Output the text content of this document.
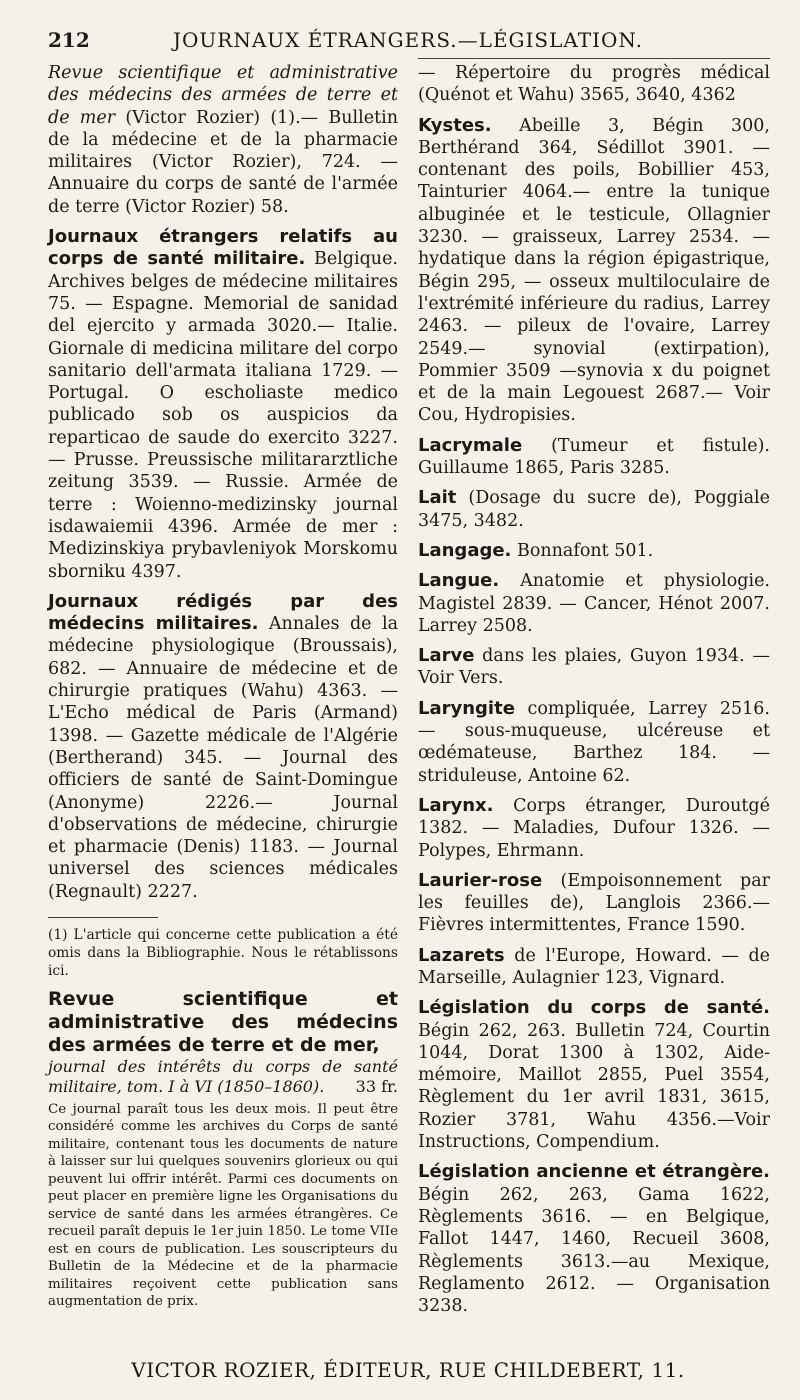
212	JOURNAUX ÉTRANGERS.—LÉGISLATION.

Revue scientifique et administrative des médecins des armées de terre et de mer (Victor Rozier) (1).— Bulletin de la médecine et de la pharmacie militaires (Victor Rozier), 724. — Annuaire du corps de santé de l'armée de terre (Victor Rozier) 58.

Journaux étrangers relatifs au corps de santé militaire. Belgique. Archives belges de médecine militaires 75. — Espagne. Memorial de sanidad del ejercito y armada 3020.— Italie. Giornale di medicina militare del corpo sanitario dell'armata italiana 1729. — Portugal. O escholiaste medico publicado sob os auspicios da reparticao de saude do exercito 3227. — Prusse. Preussische militararztliche zeitung 3539. — Russie. Armée de terre : Woienno-medizinsky journal isdawaiemii 4396. Armée de mer : Medizinskiya prybavleniyok Morskomu sborniku 4397.

Journaux rédigés par des médecins militaires. Annales de la médecine physiologique (Broussais), 682. — Annuaire de médecine et de chirurgie pratiques (Wahu) 4363. — L'Echo médical de Paris (Armand) 1398. — Gazette médicale de l'Algérie (Bertherand) 345. — Journal des officiers de santé de Saint-Domingue (Anonyme) 2226.— Journal d'observations de médecine, chirurgie et pharmacie (Denis) 1183. — Journal universel des sciences médicales (Regnault) 2227.

(1) L'article qui concerne cette publication a été omis dans la Bibliographie. Nous le rétablissons ici.

Revue scientifique et administrative des médecins des armées de terre et de mer,
journal des intérêts du corps de santé militaire, tom. I à VI (1850–1860). 33 fr.
Ce journal paraît tous les deux mois. Il peut être considéré comme les archives du Corps de santé militaire, contenant tous les documents de nature à laisser sur lui quelques souvenirs glorieux ou qui peuvent lui offrir intérêt. Parmi ces documents on peut placer en première ligne les Organisations du service de santé dans les armées étrangères. Ce recueil paraît depuis le 1er juin 1850. Le tome VIIe est en cours de publication. Les souscripteurs du Bulletin de la Médecine et de la pharmacie militaires reçoivent cette publication sans augmentation de prix.

— Répertoire du progrès médical (Quénot et Wahu) 3565, 3640, 4362

Kystes. Abeille 3, Bégin 300, Berthérand 364, Sédillot 3901. — contenant des poils, Bobillier 453, Tainturier 4064.— entre la tunique albuginée et le testicule, Ollagnier 3230. — graisseux, Larrey 2534. — hydatique dans la région épigastrique, Bégin 295, — osseux multiloculaire de l'extrémité inférieure du radius, Larrey 2463. — pileux de l'ovaire, Larrey 2549.— synovial (extirpation), Pommier 3509 —synovia x du poignet et de la main Legouest 2687.— Voir Cou, Hydropisies.

Lacrymale (Tumeur et fistule). Guillaume 1865, Paris 3285.

Lait (Dosage du sucre de), Poggiale 3475, 3482.

Langage. Bonnafont 501.

Langue. Anatomie et physiologie. Magistel 2839. — Cancer, Hénot 2007. Larrey 2508.

Larve dans les plaies, Guyon 1934. — Voir Vers.

Laryngite compliquée, Larrey 2516. — sous-muqueuse, ulcéreuse et œdémateuse, Barthez 184. — striduleuse, Antoine 62.

Larynx. Corps étranger, Duroutgé 1382. — Maladies, Dufour 1326. — Polypes, Ehrmann.

Laurier-rose (Empoisonnement par les feuilles de), Langlois 2366.— Fièvres intermittentes, France 1590.

Lazarets de l'Europe, Howard. — de Marseille, Aulagnier 123, Vignard.

Législation du corps de santé. Bégin 262, 263. Bulletin 724, Courtin 1044, Dorat 1300 à 1302, Aide-mémoire, Maillot 2855, Puel 3554, Règlement du 1er avril 1831, 3615, Rozier 3781, Wahu 4356.—Voir Instructions, Compendium.

Législation ancienne et étrangère. Bégin 262, 263, Gama 1622, Règlements 3616. — en Belgique, Fallot 1447, 1460, Recueil 3608, Règlements 3613.—au Mexique, Reglamento 2612. — Organisation 3238.

VICTOR ROZIER, ÉDITEUR, RUE CHILDEBERT, 11.
